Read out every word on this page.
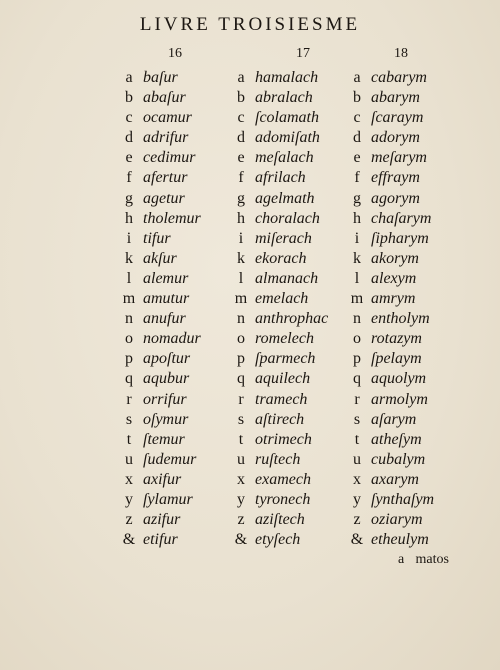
LIVRE TROISIESME
16	17	18
a baſur
b abaſur
c ocamur
d adrifur
e cedimur
f afertur
g agetur
h tholemur
i tifur
k akſur
l alemur
m amutur
n anufur
o nomadur
p apoſtur
q aqubur
r orrifur
s oſymur
t ſtemur
u ſudemur
x axifur
y ſylamur
z azifur
& etifur
a hamalach
b abralach
c ſcolamath
d adomiſath
e meſalach
f afrilach
g agelmath
h choralach
i miſerach
k ekorach
l almanach
m emelach
n anthrophac
o romelech
p ſparmech
q aquilech
r tramech
s aſtirech
t otrimech
u ruſtech
x examech
y tyronech
z aziſtech
& etyſech
a cabarym
b abarym
c ſcaraym
d adorym
e meſarym
f effraym
g agorym
h chaſarym
i ſipharym
k akorym
l alexym
m amrym
n entholym
o rotazym
p ſpelaym
q aquolym
r armolym
s aſarym
t atheſym
u cubalym
x axarym
y ſynthaſym
z oziarym
& etheulym
a matos
